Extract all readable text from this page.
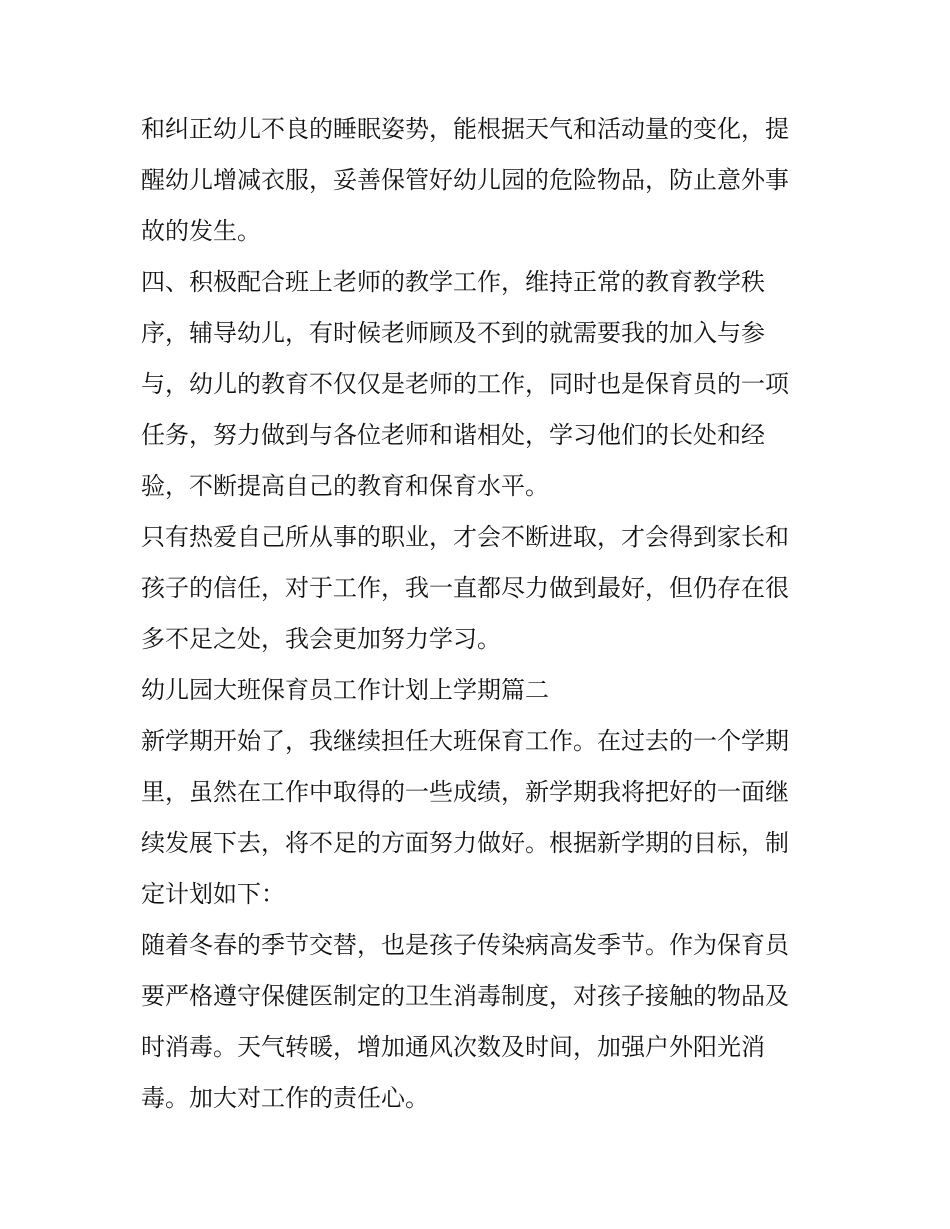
和纠正幼儿不良的睡眠姿势，能根据天气和活动量的变化，提
醒幼儿增减衣服，妥善保管好幼儿园的危险物品，防止意外事
故的发生。
四、积极配合班上老师的教学工作，维持正常的教育教学秩
序，辅导幼儿，有时候老师顾及不到的就需要我的加入与参
与，幼儿的教育不仅仅是老师的工作，同时也是保育员的一项
任务，努力做到与各位老师和谐相处，学习他们的长处和经
验，不断提高自己的教育和保育水平。
只有热爱自己所从事的职业，才会不断进取，才会得到家长和
孩子的信任，对于工作，我一直都尽力做到最好，但仍存在很
多不足之处，我会更加努力学习。
幼儿园大班保育员工作计划上学期篇二
新学期开始了，我继续担任大班保育工作。在过去的一个学期
里，虽然在工作中取得的一些成绩，新学期我将把好的一面继
续发展下去，将不足的方面努力做好。根据新学期的目标，制
定计划如下：
随着冬春的季节交替，也是孩子传染病高发季节。作为保育员
要严格遵守保健医制定的卫生消毒制度，对孩子接触的物品及
时消毒。天气转暖，增加通风次数及时间，加强户外阳光消
毒。加大对工作的责任心。
